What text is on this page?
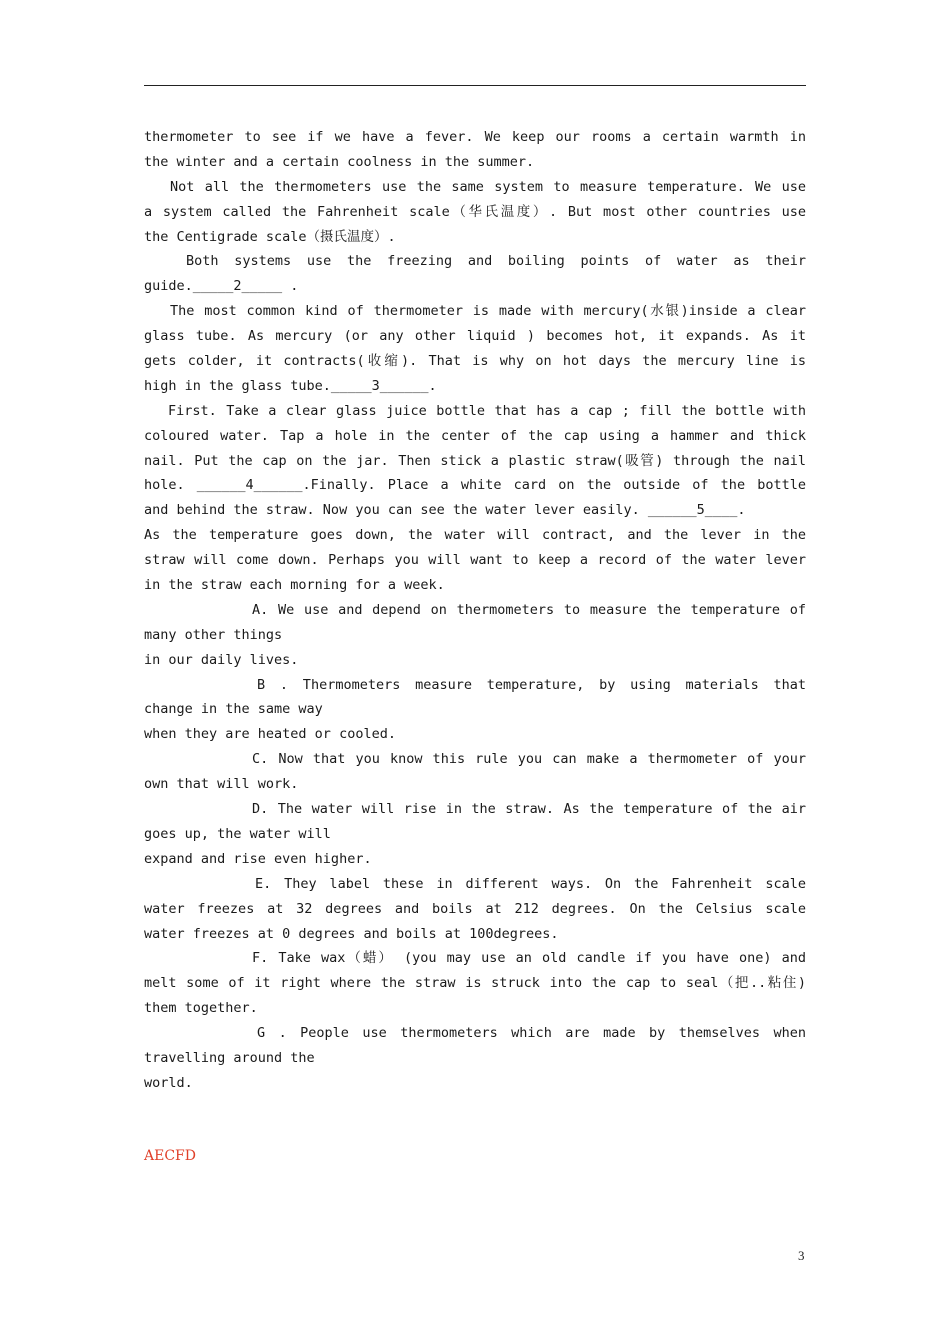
thermometer to see if we have a fever. We keep our rooms a certain warmth in
the winter and a certain coolness in the summer.
Not all the thermometers use the same system to measure temperature. We use
a system called the Fahrenheit scale（华氏温度）. But most other countries use
the Centigrade scale（摄氏温度）.
Both systems use the freezing and boiling points of water as their
guide._____2_____ .
The most common kind of thermometer is made with mercury(水银)inside a clear
glass tube. As mercury (or any other liquid ) becomes hot, it expands. As it
gets colder, it contracts(收缩). That is why on hot days the mercury line is
high in the glass tube._____3______.
First. Take a clear glass juice bottle that has a cap ; fill the bottle with
coloured water. Tap a hole in the center of the cap using a hammer and thick
nail. Put the cap on the jar. Then stick a plastic straw(吸管) through the nail
hole. ______4______.Finally. Place a white card on the outside of the bottle
and behind the straw. Now you can see the water lever easily. ______5____.
As the temperature goes down, the water will contract, and the lever in the
straw will come down. Perhaps you will want to keep a record of the water lever
in the straw each morning for a week.
A. We use and depend on thermometers to measure the temperature of
many other things
in our daily lives.
B . Thermometers measure temperature, by using materials that
change in the same way
when they are heated or cooled.
C. Now that you know this rule you can make a thermometer of your
own that will work.
D. The water will rise in the straw. As the temperature of the air
goes up, the water will
expand and rise even higher.
E. They label these in different ways. On the Fahrenheit scale
water freezes at 32 degrees and boils at 212 degrees. On the Celsius scale
water freezes at 0 degrees and boils at 100degrees.
F. Take wax（蜡） (you may use an old candle if you have one) and
melt some of it right where the straw is struck into the cap to seal（把..粘住)
them together.
G . People use thermometers which are made by themselves when
travelling around the
world.
AECFD
3
